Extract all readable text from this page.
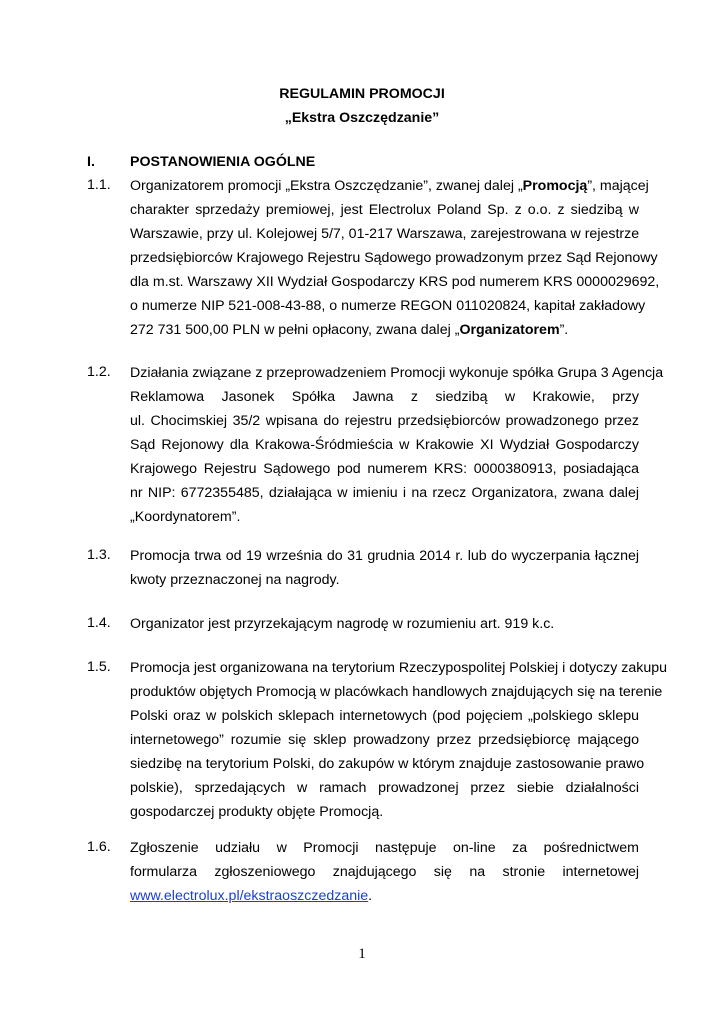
REGULAMIN PROMOCJI
„Ekstra Oszczędzanie”
I. POSTANOWIENIA OGÓLNE
1.1. Organizatorem promocji „Ekstra Oszczędzanie”, zwanej dalej „Promocją”, mającej
charakter sprzedaży premiowej, jest Electrolux Poland Sp. z o.o. z siedzibą w
Warszawie, przy ul. Kolejowej 5/7, 01-217 Warszawa, zarejestrowana w rejestrze
przedsiębiorców Krajowego Rejestru Sądowego prowadzonym przez Sąd Rejonowy
dla m.st. Warszawy XII Wydział Gospodarczy KRS pod numerem KRS 0000029692,
o numerze NIP 521-008-43-88, o numerze REGON 011020824, kapitał zakładowy
272 731 500,00 PLN w pełni opłacony, zwana dalej „Organizatorem”.
1.2. Działania związane z przeprowadzeniem Promocji wykonuje spółka Grupa 3 Agencja
Reklamowa Jasonek Spółka Jawna z siedzibą w Krakowie, przy
ul. Chocimskiej 35/2 wpisana do rejestru przedsiębiorców prowadzonego przez
Sąd Rejonowy dla Krakowa-Śródmieścia w Krakowie XI Wydział Gospodarczy
Krajowego Rejestru Sądowego pod numerem KRS: 0000380913, posiadająca
nr NIP: 6772355485, działająca w imieniu i na rzecz Organizatora, zwana dalej
„Koordynatorem”.
1.3. Promocja trwa od 19 września do 31 grudnia 2014 r. lub do wyczerpania łącznej
kwoty przeznaczonej na nagrody.
1.4. Organizator jest przyrzekającym nagrodę w rozumieniu art. 919 k.c.
1.5. Promocja jest organizowana na terytorium Rzeczypospolitej Polskiej i dotyczy zakupu
produktów objętych Promocją w placówkach handlowych znajdujących się na terenie
Polski oraz w polskich sklepach internetowych (pod pojęciem „polskiego sklepu
internetowego” rozumie się sklep prowadzony przez przedsiębiorcę mającego
siedzibę na terytorium Polski, do zakupów w którym znajduje zastosowanie prawo
polskie), sprzedających w ramach prowadzonej przez siebie działalności
gospodarczej produkty objęte Promocją.
1.6. Zgłoszenie udziału w Promocji następuje on-line za pośrednictwem
formularza zgłoszeniowego znajdującego się na stronie internetowej
www.electrolux.pl/ekstraoszczedzanie.
1
